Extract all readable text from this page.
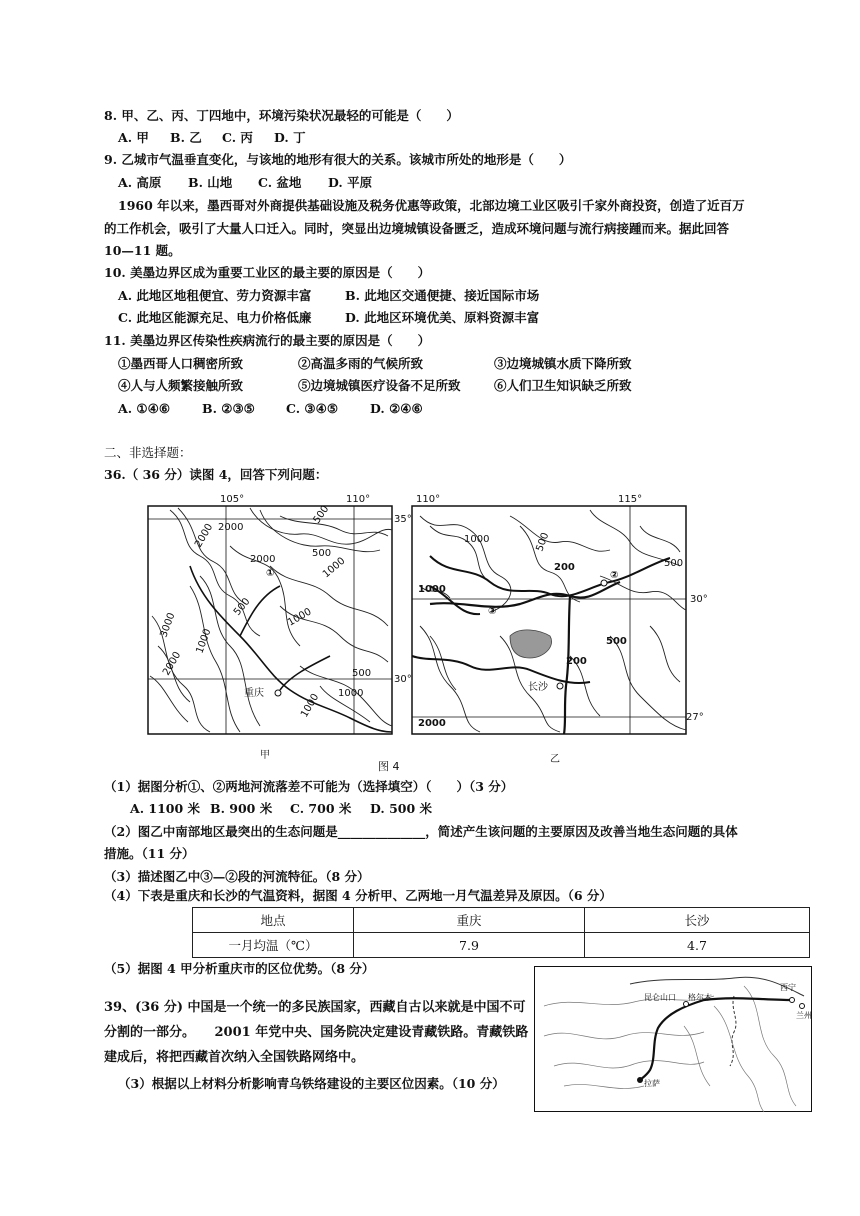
8. 甲、乙、丙、丁四地中，环境污染状况最轻的可能是（　　）
A. 甲 B. 乙 C. 丙 D. 丁
9. 乙城市气温垂直变化，与该地的地形有很大的关系。该城市所处的地形是（　　）
A. 高原 B. 山地 C. 盆地 D. 平原
1960 年以来，墨西哥对外商提供基础设施及税务优惠等政策，北部边境工业区吸引千家外商投资，创造了近百万
的工作机会，吸引了大量人口迁入。同时，突显出边境城镇设备匮乏，造成环境问题与流行病接踵而来。据此回答
10—11 题。
10. 美墨边界区成为重要工业区的最主要的原因是（　　）
A. 此地区地租便宜、劳力资源丰富	B. 此地区交通便捷、接近国际市场
C. 此地区能源充足、电力价格低廉	D. 此地区环境优美、原料资源丰富
11. 美墨边界区传染性疾病流行的最主要的原因是（　　）
①墨西哥人口稠密所致	②高温多雨的气候所致	③边境城镇水质下降所致
④人与人频繁接触所致	⑤边境城镇医疗设备不足所致	⑥人们卫生知识缺乏所致
A. ①④⑥	B. ②③⑤ C. ③④⑤	D. ②④⑥
二、非选择题：
36.（ 36 分）读图 4，回答下列问题：
105°	110°
35°
30°
500
2000
2000	1000
2000
500
500	1000
3000
2000
1000
1000
500
1000
①
重庆
110°	115°
30°
27°
1000	500
200	500
1000
500
200
2000
②
③
长沙
甲
图 4
乙
（1）据图分析①、②两地河流落差不可能为（选择填空）（　　）（3 分）
A. 1100 米 B. 900 米 C. 700 米 D. 500 米
（2）图乙中南部地区最突出的生态问题是______________，简述产生该问题的主要原因及改善当地生态问题的具体
措施。（11 分）
（3）描述图乙中③—②段的河流特征。（8 分）
（4）下表是重庆和长沙的气温资料，据图 4 分析甲、乙两地一月气温差异及原因。（6 分）
地点	重庆	长沙
一月均温（℃）	7.9	4.7
（5）据图 4 甲分析重庆市的区位优势。（8 分）
39、(36 分) 中国是一个统一的多民族国家，西藏自古以来就是中国不可
分割的一部分。　　2001 年党中央、国务院决定建设青藏铁路。青藏铁路
建成后，将把西藏首次纳入全国铁路网络中。
（3）根据以上材料分析影响青乌铁络建设的主要区位因素。（10 分）
西宁
兰州
格尔木
昆仑山口
拉萨
